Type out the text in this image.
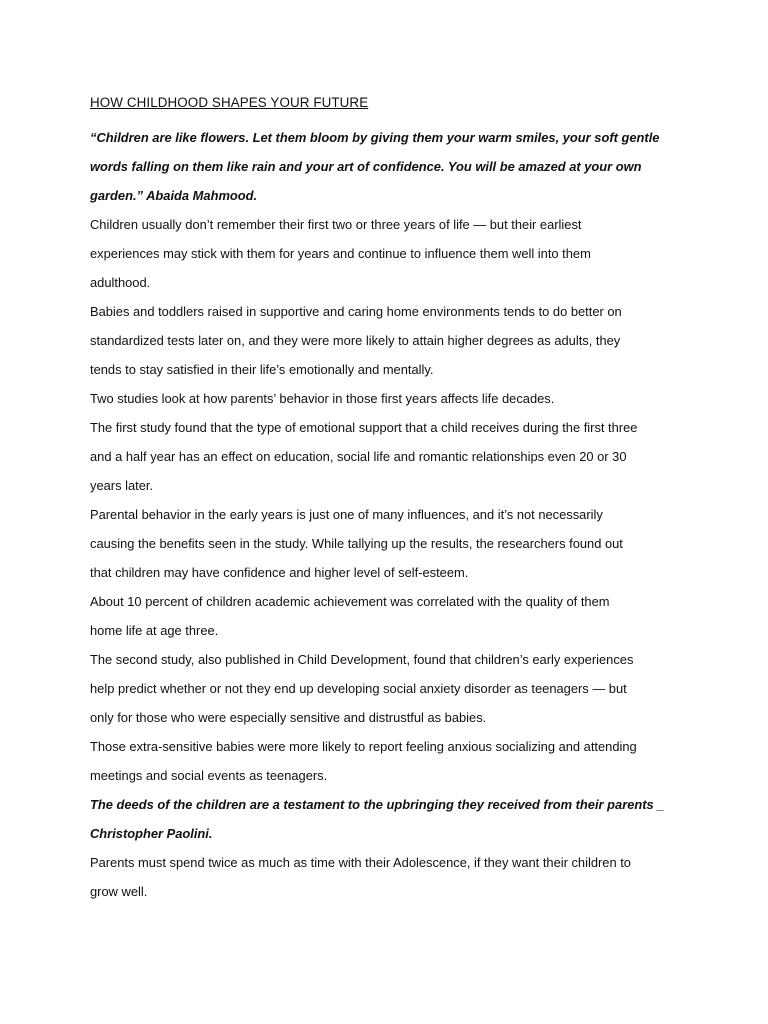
HOW CHILDHOOD SHAPES YOUR FUTURE

“Children are like flowers. Let them bloom by giving them your warm smiles, your soft gentle
words falling on them like rain and your art of confidence. You will be amazed at your own
garden.” Abaida Mahmood.

Children usually don’t remember their first two or three years of life — but their earliest
experiences may stick with them for years and continue to influence them well into them
adulthood.

Babies and toddlers raised in supportive and caring home environments tends to do better on
standardized tests later on, and they were more likely to attain higher degrees as adults, they
tends to stay satisfied in their life’s emotionally and mentally.

Two studies look at how parents’ behavior in those first years affects life decades.

The first study found that the type of emotional support that a child receives during the first three
and a half year has an effect on education, social life and romantic relationships even 20 or 30
years later.

Parental behavior in the early years is just one of many influences, and it’s not necessarily
causing the benefits seen in the study. While tallying up the results, the researchers found out
that children may have confidence and higher level of self-esteem.

About 10 percent of children academic achievement was correlated with the quality of them
home life at age three.

The second study, also published in Child Development, found that children’s early experiences
help predict whether or not they end up developing social anxiety disorder as teenagers — but
only for those who were especially sensitive and distrustful as babies.

Those extra-sensitive babies were more likely to report feeling anxious socializing and attending
meetings and social events as teenagers.

The deeds of the children are a testament to the upbringing they received from their parents _
Christopher Paolini.

Parents must spend twice as much as time with their Adolescence, if they want their children to
grow well.
